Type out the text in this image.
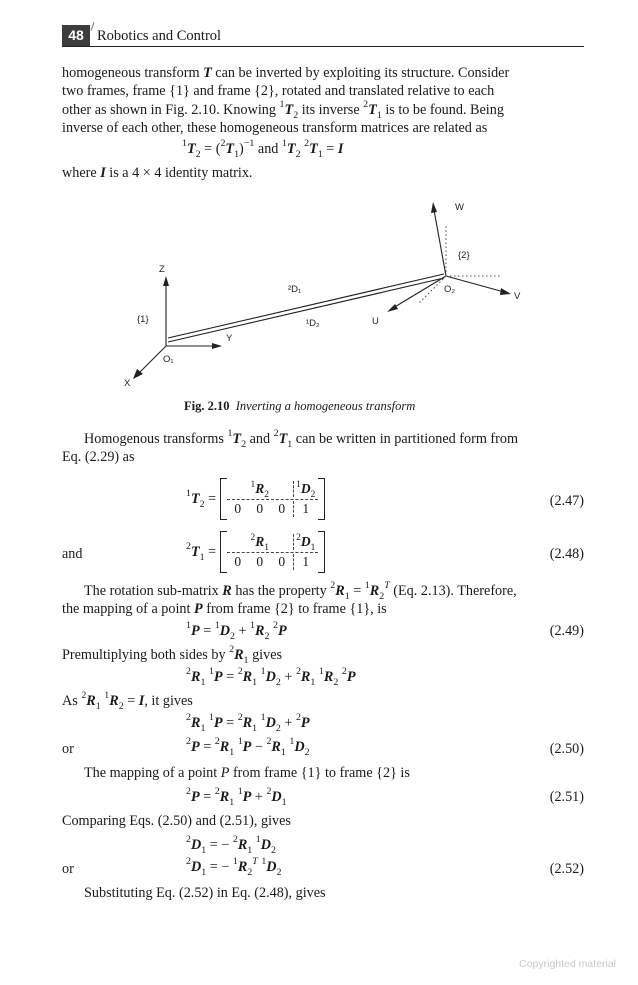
48 Robotics and Control
homogeneous transform T can be inverted by exploiting its structure. Consider
two frames, frame {1} and frame {2}, rotated and translated relative to each
other as shown in Fig. 2.10. Knowing $^1T_2$ its inverse $^2T_1$ is to be found. Being
inverse of each other, these homogeneous transform matrices are related as
$^1T_2 = (^2T_1)^{-1}$ and $^1T_2$ $^2T_1 = I$
where I is a 4 × 4 identity matrix.
W
{2}
Z
²D₁
{1}
O₂
V
¹D₂	U
Y
O₁
X
Fig. 2.10 Inverting a homogeneous transform
Homogenous transforms $^1T_2$ and $^2T_1$ can be written in partitioned form from
Eq. (2.29) as
$^1T_2$ =
$^1R_2$
$^1D_2$
0 0 0 1	(2.47)
and	$^2T_1$ =
$^2R_1$
$^2D_1$
0 0 0 1	(2.48)
The rotation sub-matrix R has the property $^2R_1 = ^1R_2^T$ (Eq. 2.13). Therefore,
the mapping of a point P from frame {2} to frame {1}, is
$^1P = ^1D_2 + ^1R_2$ $^2$P	(2.49)
Premultiplying both sides by $^2R_1$ gives
$^2R_1$ $^1P = ^2R_1$ $^1D_2 + ^2R_1$ $^1R_2$ $^2$P
As $^2R_1$ $^1R_2 = I$, it gives
$^2R_1$ $^1P = ^2R_1$ $^1D_2 + ^2P$
or	$^2P = ^2R_1$ $^1P - ^2R_1$ $^1D_2$	(2.50)
The mapping of a point P from frame {1} to frame {2} is
$^2P = ^2R_1$ $^1P + ^2D_1$	(2.51)
Comparing Eqs. (2.50) and (2.51), gives
$^2D_1$ = − $^2R_1$ $^1D_2$
or	$^2D_1$ = − $^1R_2^T$ $^1D_2$	(2.52)
Substituting Eq. (2.52) in Eq. (2.48), gives
Copyrighted material
